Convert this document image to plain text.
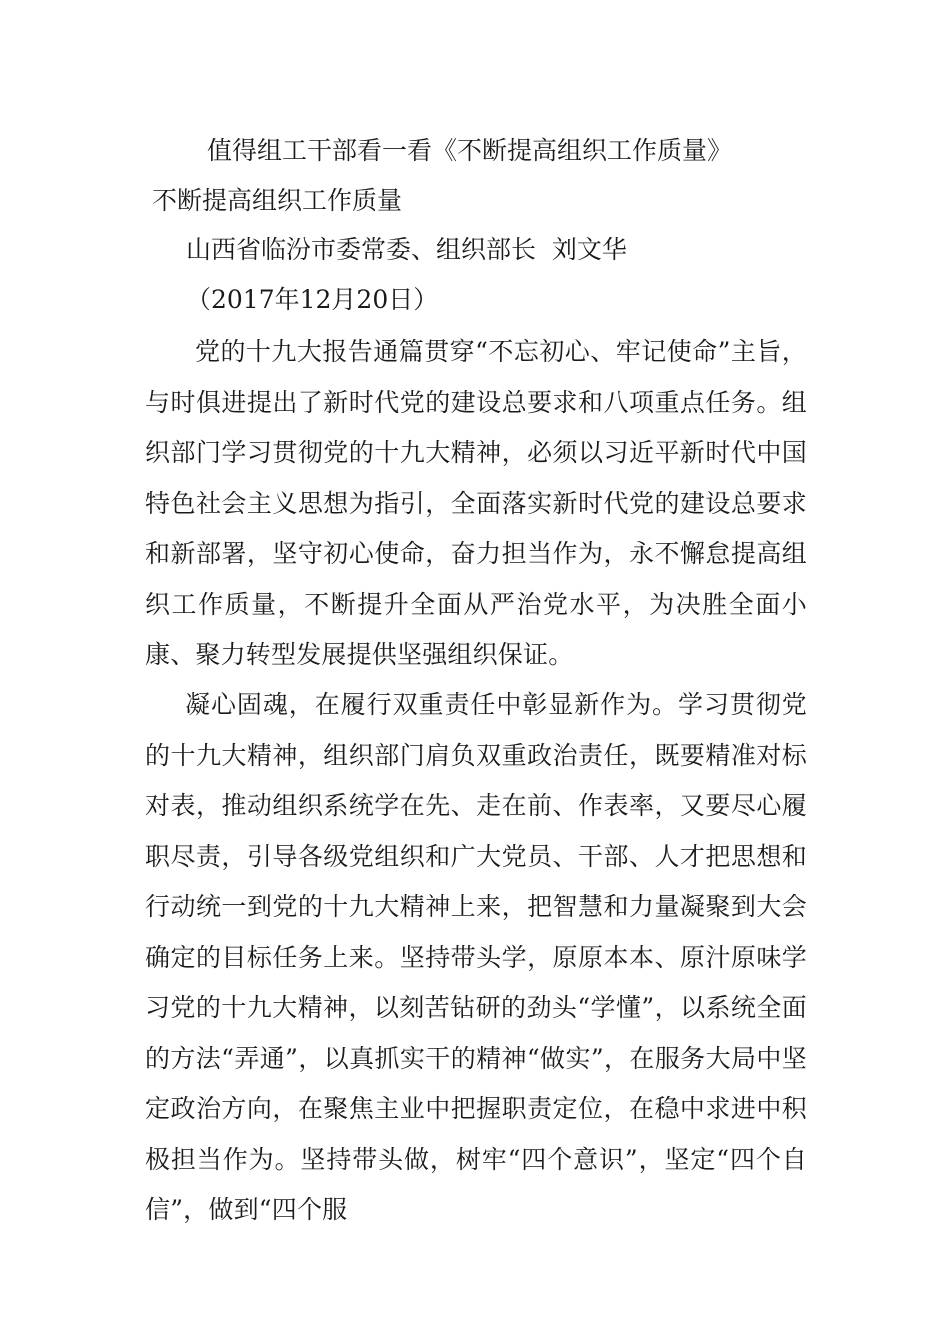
值得组工干部看一看《不断提高组织工作质量》
不断提高组织工作质量
山西省临汾市委常委、组织部长  刘文华
（2017年12月20日）
党的十九大报告通篇贯穿“不忘初心、牢记使命”主旨，与时俱进提出了新时代党的建设总要求和八项重点任务。组织部门学习贯彻党的十九大精神，必须以习近平新时代中国特色社会主义思想为指引，全面落实新时代党的建设总要求和新部署，坚守初心使命，奋力担当作为，永不懈怠提高组织工作质量，不断提升全面从严治党水平，为决胜全面小康、聚力转型发展提供坚强组织保证。
凝心固魂，在履行双重责任中彰显新作为。学习贯彻党的十九大精神，组织部门肩负双重政治责任，既要精准对标对表，推动组织系统学在先、走在前、作表率，又要尽心履职尽责，引导各级党组织和广大党员、干部、人才把思想和行动统一到党的十九大精神上来，把智慧和力量凝聚到大会确定的目标任务上来。坚持带头学，原原本本、原汁原味学习党的十九大精神，以刻苦钻研的劲头“学懂”，以系统全面的方法“弄通”，以真抓实干的精神“做实”，在服务大局中坚定政治方向，在聚焦主业中把握职责定位，在稳中求进中积极担当作为。坚持带头做，树牢“四个意识”，坚定“四个自信”，做到“四个服
